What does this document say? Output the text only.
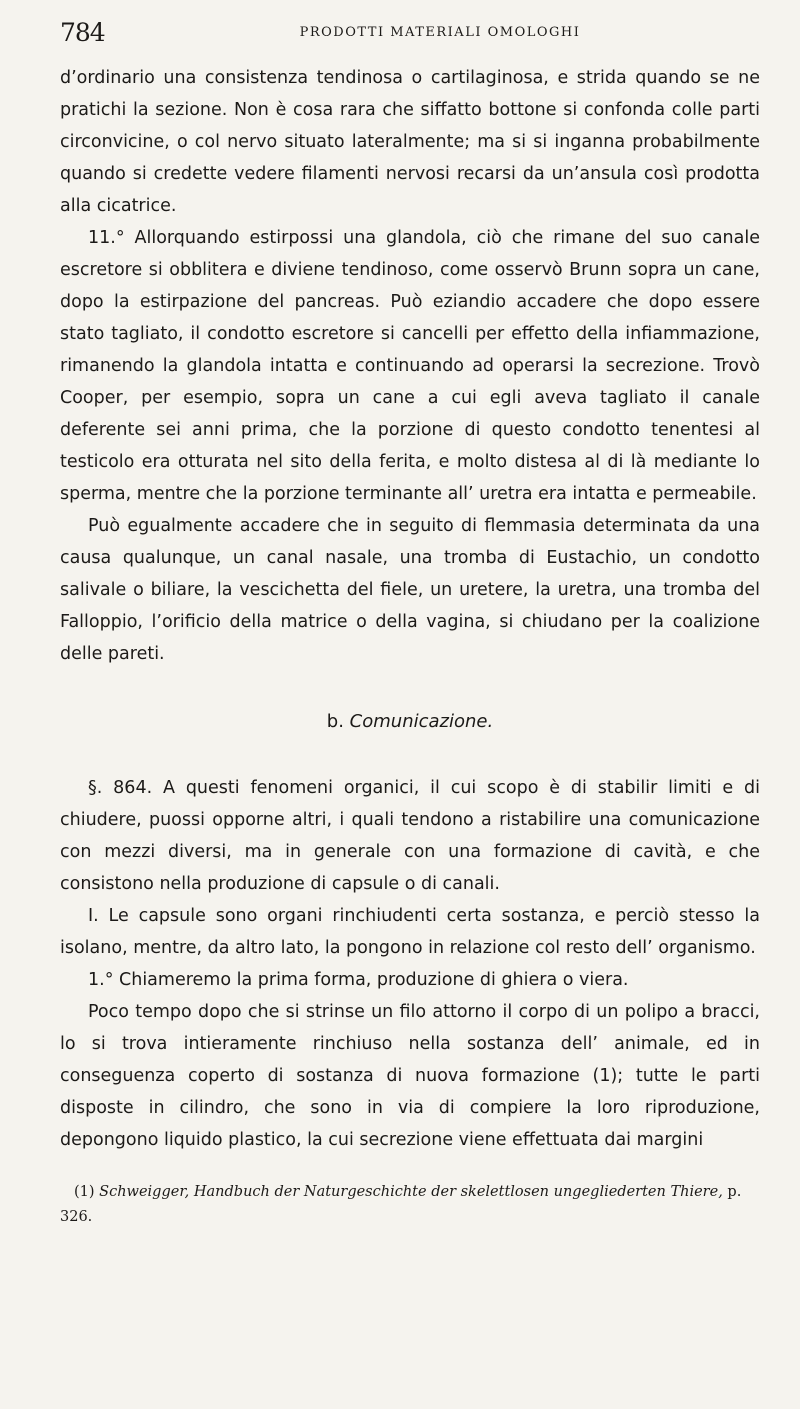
784	PRODOTTI MATERIALI OMOLOGHI

d’ordinario una consistenza tendinosa o cartilaginosa, e strida quando se ne pratichi la sezione. Non è cosa rara che siffatto bottone si confonda colle parti circonvicine, o col nervo situato lateralmente; ma si si inganna probabilmente quando si credette vedere filamenti nervosi recarsi da un’ansula così prodotta alla cicatrice.

11.° Allorquando estirpossi una glandola, ciò che rimane del suo canale escretore si obblitera e diviene tendinoso, come osservò Brunn sopra un cane, dopo la estirpazione del pancreas. Può eziandio accadere che dopo essere stato tagliato, il condotto escretore si cancelli per effetto della infiammazione, rimanendo la glandola intatta e continuando ad operarsi la secrezione. Trovò Cooper, per esempio, sopra un cane a cui egli aveva tagliato il canale deferente sei anni prima, che la porzione di questo condotto tenentesi al testicolo era otturata nel sito della ferita, e molto distesa al di là mediante lo sperma, mentre che la porzione terminante all’ uretra era intatta e permeabile.

Può egualmente accadere che in seguito di flemmasia determinata da una causa qualunque, un canal nasale, una tromba di Eustachio, un condotto salivale o biliare, la vescichetta del fiele, un uretere, la uretra, una tromba del Falloppio, l’orificio della matrice o della vagina, si chiudano per la coalizione delle pareti.

b. Comunicazione.

§. 864. A questi fenomeni organici, il cui scopo è di stabilir limiti e di chiudere, puossi opporne altri, i quali tendono a ristabilire una comunicazione con mezzi diversi, ma in generale con una formazione di cavità, e che consistono nella produzione di capsule o di canali.

I. Le capsule sono organi rinchiudenti certa sostanza, e perciò stesso la isolano, mentre, da altro lato, la pongono in relazione col resto dell’ organismo.

1.° Chiameremo la prima forma, produzione di ghiera o viera.

Poco tempo dopo che si strinse un filo attorno il corpo di un polipo a bracci, lo si trova intieramente rinchiuso nella sostanza dell’ animale, ed in conseguenza coperto di sostanza di nuova formazione (1); tutte le parti disposte in cilindro, che sono in via di compiere la loro riproduzione, depongono liquido plastico, la cui secrezione viene effettuata dai margini

(1) Schweigger, Handbuch der Naturgeschichte der skelettlosen ungegliederten Thiere, p. 326.
